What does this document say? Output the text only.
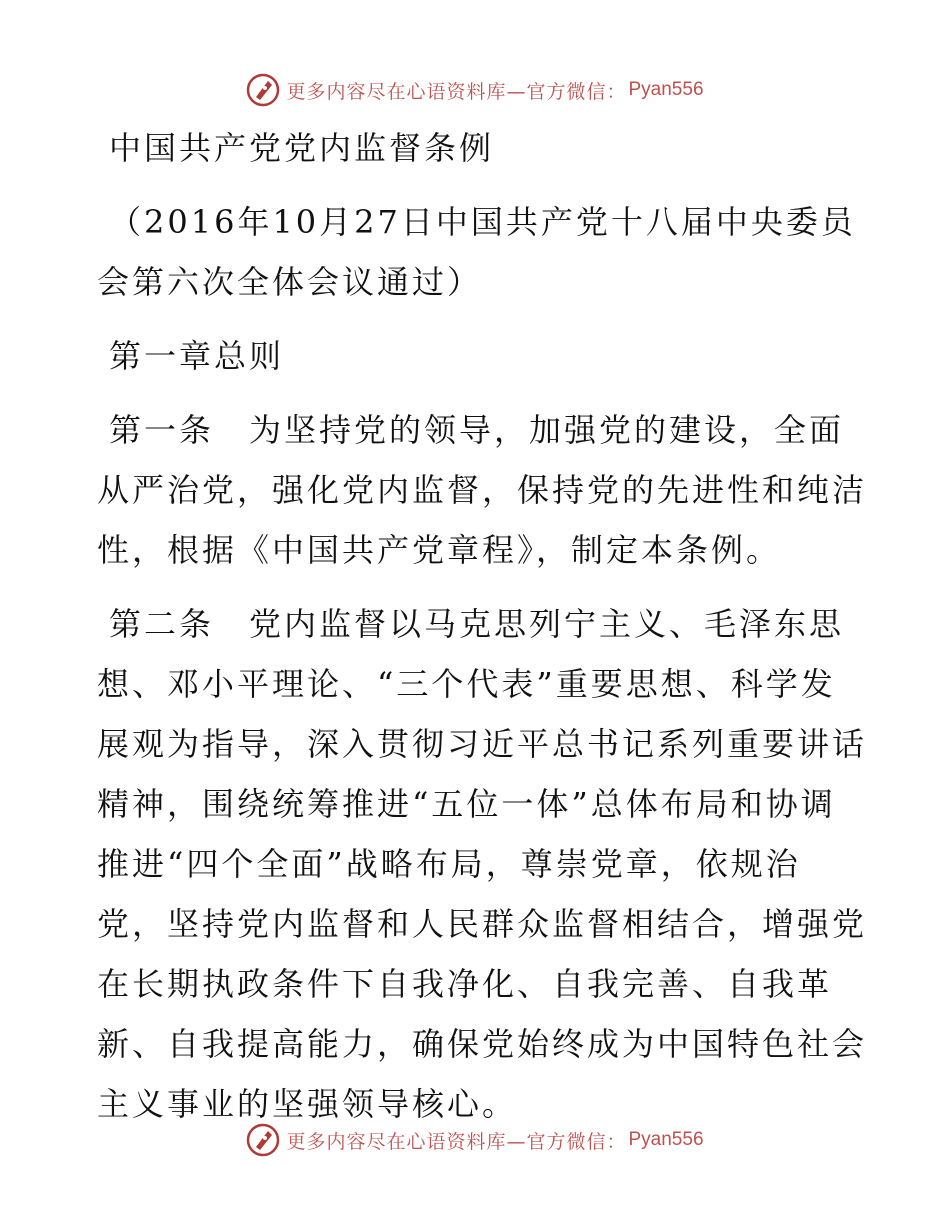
更多内容尽在心语资料库—官方微信： Pyan556
中国共产党党内监督条例
（2016年10月27日中国共产党十八届中央委员
会第六次全体会议通过）
第一章总则
第一条　为坚持党的领导，加强党的建设，全面
从严治党，强化党内监督，保持党的先进性和纯洁
性，根据《中国共产党章程》，制定本条例。
第二条　党内监督以马克思列宁主义、毛泽东思
想、邓小平理论、“三个代表”重要思想、科学发
展观为指导，深入贯彻习近平总书记系列重要讲话
精神，围绕统筹推进“五位一体”总体布局和协调
推进“四个全面”战略布局，尊崇党章，依规治
党，坚持党内监督和人民群众监督相结合，增强党
在长期执政条件下自我净化、自我完善、自我革
新、自我提高能力，确保党始终成为中国特色社会
主义事业的坚强领导核心。
更多内容尽在心语资料库—官方微信： Pyan556
